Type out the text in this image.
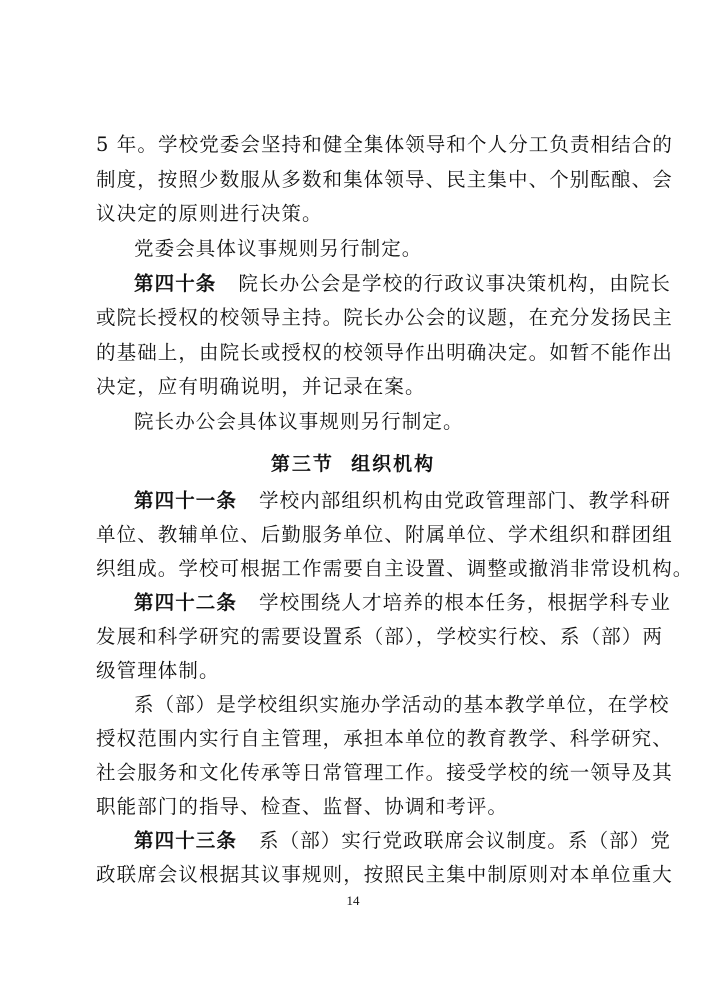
5 年。学校党委会坚持和健全集体领导和个人分工负责相结合的
制度，按照少数服从多数和集体领导、民主集中、个别酝酿、会
议决定的原则进行决策。
党委会具体议事规则另行制定。
第四十条 院长办公会是学校的行政议事决策机构，由院长
或院长授权的校领导主持。院长办公会的议题，在充分发扬民主
的基础上，由院长或授权的校领导作出明确决定。如暂不能作出
决定，应有明确说明，并记录在案。
院长办公会具体议事规则另行制定。
第三节  组织机构
第四十一条 学校内部组织机构由党政管理部门、教学科研
单位、教辅单位、后勤服务单位、附属单位、学术组织和群团组
织组成。学校可根据工作需要自主设置、调整或撤消非常设机构。
第四十二条 学校围绕人才培养的根本任务，根据学科专业
发展和科学研究的需要设置系（部），学校实行校、系（部）两
级管理体制。
系（部）是学校组织实施办学活动的基本教学单位，在学校
授权范围内实行自主管理，承担本单位的教育教学、科学研究、
社会服务和文化传承等日常管理工作。接受学校的统一领导及其
职能部门的指导、检查、监督、协调和考评。
第四十三条 系（部）实行党政联席会议制度。系（部）党
政联席会议根据其议事规则，按照民主集中制原则对本单位重大
14
